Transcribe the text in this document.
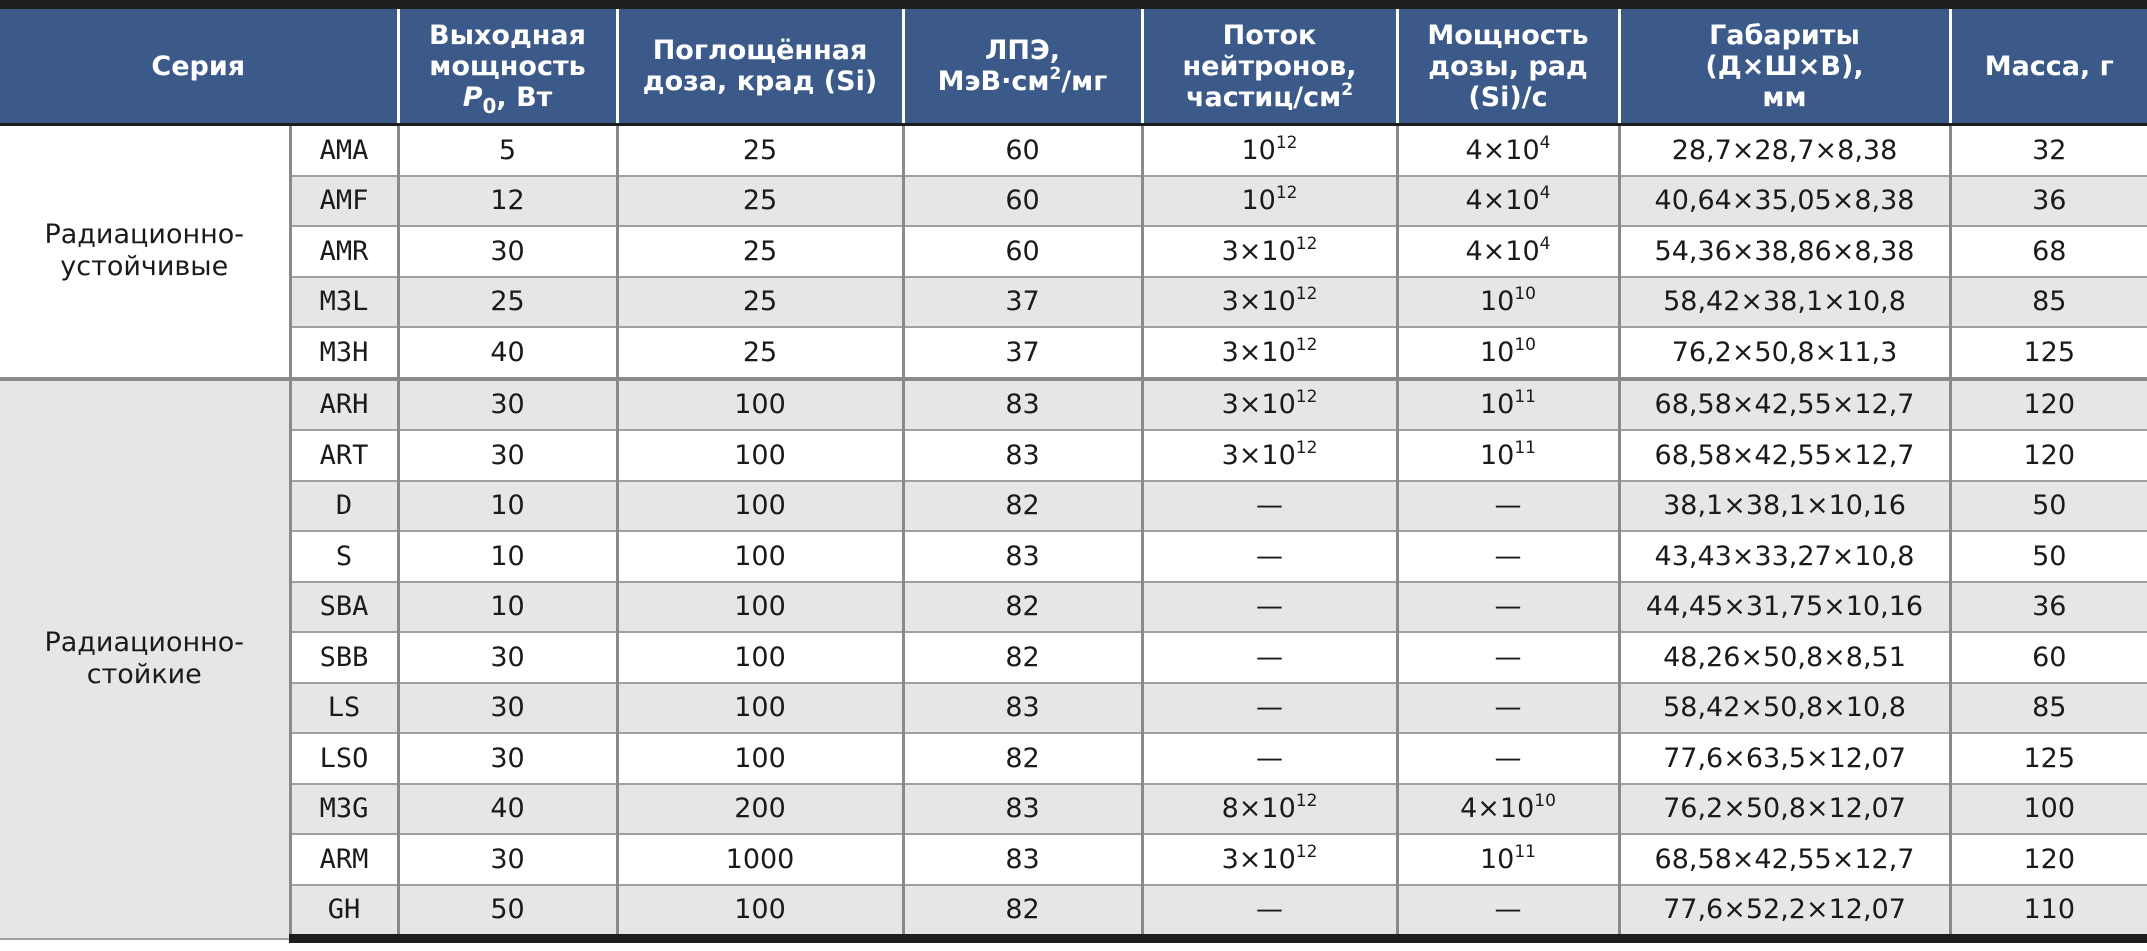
Серия		Выходная
мощность
$P_0$, Вт	Поглощённая
доза, крад (Si)	ЛПЭ,
$МэВ\cdot см^2/мг$	Поток
нейтронов,
частиц/$см^2$	Мощность
дозы, рад
(Si)/с	Габариты (Д×Ш×В),
мм	Масса, г
Радиационно-
устойчивые	AMA	5	25	60	$10^{12}$	$4\times 10^4$	28,7×28,7×8,38	32
	AMF	12	25	60	$10^{12}$	$4\times 10^4$	40,64×35,05×8,38	36
	AMR	30	25	60	$3\times 10^{12}$	$4\times 10^4$	54,36×38,86×8,38	68
	M3L	25	25	37	$3\times 10^{12}$	$10^{10}$	58,42×38,1×10,8	85
	M3H	40	25	37	$3\times 10^{12}$	$10^{10}$	76,2×50,8×11,3	125
Радиационно-
стойкие	ARH	30	100	83	$3\times 10^{12}$	$10^{11}$	68,58×42,55×12,7	120
	ART	30	100	83	$3\times 10^{12}$	$10^{11}$	68,58×42,55×12,7	120
	D	10	100	82	—	—	38,1×38,1×10,16	50
	S	10	100	83	—	—	43,43×33,27×10,8	50
	SBA	10	100	82	—	—	44,45×31,75×10,16	36
	SBB	30	100	82	—	—	48,26×50,8×8,51	60
	LS	30	100	83	—	—	58,42×50,8×10,8	85
	LSO	30	100	82	—	—	77,6×63,5×12,07	125
	M3G	40	200	83	$8\times 10^{12}$	$4\times 10^{10}$	76,2×50,8×12,07	100
	ARM	30	1000	83	$3\times 10^{12}$	$10^{11}$	68,58×42,55×12,7	120
	GH	50	100	82	—	—	77,6×52,2×12,07	110
